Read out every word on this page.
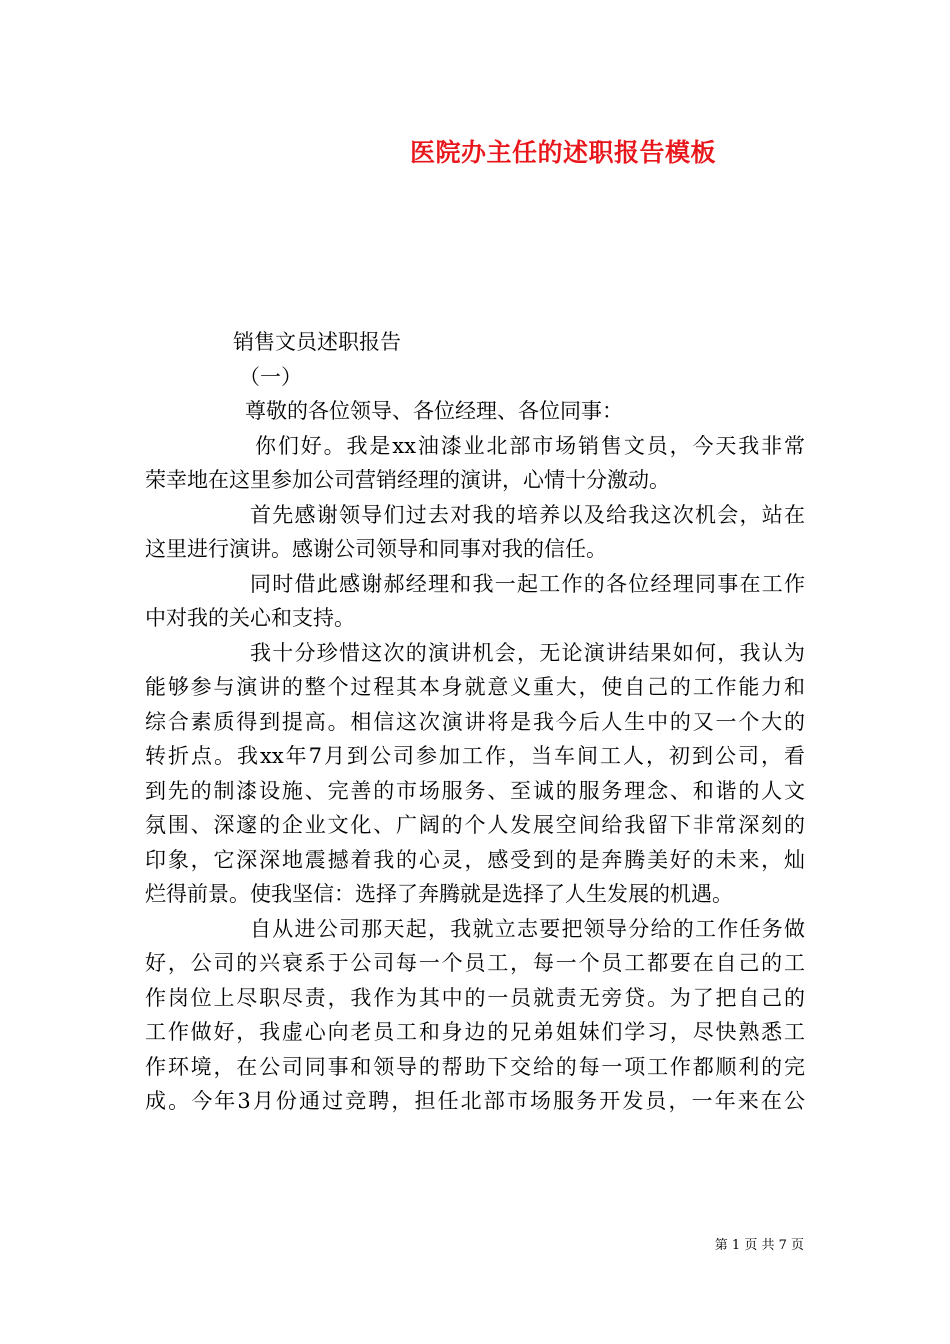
医院办主任的述职报告模板

销售文员述职报告

（一）

尊敬的各位领导、各位经理、各位同事：

你们好。我是xx油漆业北部市场销售文员，今天我非常

荣幸地在这里参加公司营销经理的演讲，心情十分激动。

首先感谢领导们过去对我的培养以及给我这次机会，站在

这里进行演讲。感谢公司领导和同事对我的信任。

同时借此感谢郝经理和我一起工作的各位经理同事在工作

中对我的关心和支持。

我十分珍惜这次的演讲机会，无论演讲结果如何，我认为

能够参与演讲的整个过程其本身就意义重大，使自己的工作能力和

综合素质得到提高。相信这次演讲将是我今后人生中的又一个大的

转折点。我xx年7月到公司参加工作，当车间工人，初到公司，看

到先的制漆设施、完善的市场服务、至诚的服务理念、和谐的人文

氛围、深邃的企业文化、广阔的个人发展空间给我留下非常深刻的

印象，它深深地震撼着我的心灵，感受到的是奔腾美好的未来，灿

烂得前景。使我坚信：选择了奔腾就是选择了人生发展的机遇。

自从进公司那天起，我就立志要把领导分给的工作任务做

好，公司的兴衰系于公司每一个员工，每一个员工都要在自己的工

作岗位上尽职尽责，我作为其中的一员就责无旁贷。为了把自己的

工作做好，我虚心向老员工和身边的兄弟姐妹们学习，尽快熟悉工

作环境，在公司同事和领导的帮助下交给的每一项工作都顺利的完

成。今年3月份通过竞聘，担任北部市场服务开发员，一年来在公

第 1 页 共 7 页
